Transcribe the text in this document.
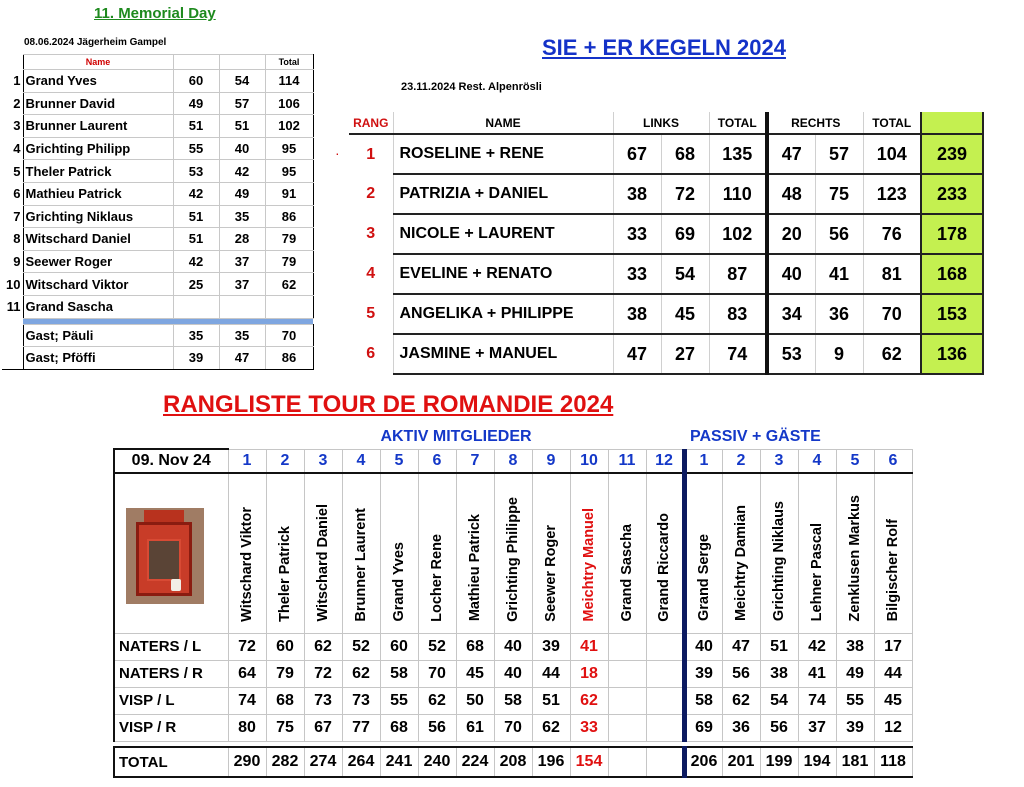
11. Memorial Day
08.06.2024 Jägerheim Gampel
	Name			Total
1	Grand Yves	60	54	114
2	Brunner David	49	57	106
3	Brunner Laurent	51	51	102
4	Grichting Philipp	55	40	95
5	Theler Patrick	53	42	95
6	Mathieu Patrick	42	49	91
7	Grichting Niklaus	51	35	86
8	Witschard Daniel	51	28	79
9	Seewer Roger	42	37	79
10	Witschard Viktor	25	37	62
11	Grand Sascha			

	Gast; Päuli	35	35	70
	Gast; Pföffi	39	47	86
SIE + ER KEGELN 2024
23.11.2024 Rest. Alpenrösli
·
RANG	NAME	LINKS		TOTAL	RECHTS		TOTAL	
1	ROSELINE + RENE	67	68	135	47	57	104	239
2	PATRIZIA + DANIEL	38	72	110	48	75	123	233
3	NICOLE + LAURENT	33	69	102	20	56	76	178
4	EVELINE + RENATO	33	54	87	40	41	81	168
5	ANGELIKA + PHILIPPE	38	45	83	34	36	70	153
6	JASMINE + MANUEL	47	27	74	53	9	62	136
RANGLISTE TOUR DE ROMANDIE 2024
	AKTIV MITGLIEDER												PASSIV + GÄSTE					
09. Nov 24	1	2	3	4	5	6	7	8	9	10	11	12	1	2	3	4	5	6
	Witschard Viktor	Theler Patrick	Witschard Daniel	Brunner Laurent	Grand Yves	Locher Rene	Mathieu Patrick	Grichting Philippe	Seewer Roger	Meichtry Manuel	Grand Sascha	Grand Riccardo	Grand Serge	Meichtry Damian	Grichting Niklaus	Lehner Pascal	Zenklusen Markus	Bilgischer Rolf
NATERS / L	72	60	62	52	60	52	68	40	39	41			40	47	51	42	38	17
NATERS / R	64	79	72	62	58	70	45	40	44	18			39	56	38	41	49	44
VISP / L	74	68	73	73	55	62	50	58	51	62			58	62	54	74	55	45
VISP / R	80	75	67	77	68	56	61	70	62	33			69	36	56	37	39	12

TOTAL	290	282	274	264	241	240	224	208	196	154			206	201	199	194	181	118
